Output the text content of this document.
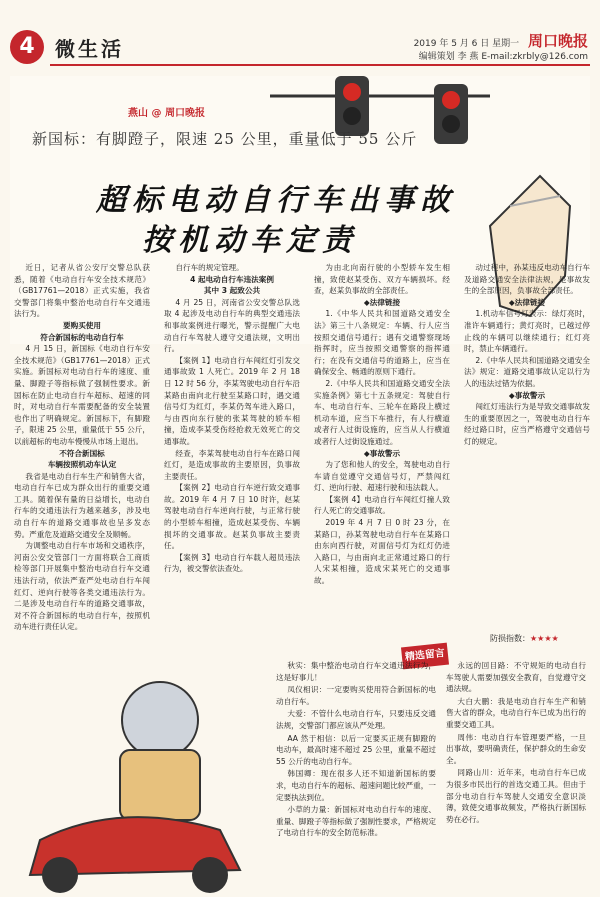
4	微生活	2019 年 5 月 6 日 星期一 周口晚报
编辑策划 李 燕 E-mail:zkrbly@126.com
燕山 @ 周口晚报
新国标：有脚蹬子，限速 25 公里，重量低于 55 公斤
超标电动自行车出事故
按机动车定责

近日，记者从省公安厅交警总队获悉，随着《电动自行车安全技术规范》（GB17761—2018）正式实施，我省交警部门将集中整治电动自行车交通违法行为。

要购买使用

符合新国标的电动自行车

4 月 15 日，新国标《电动自行车安全技术规范》（GB17761—2018）正式实施。新国标对电动自行车的速度、重量、脚蹬子等指标做了强制性要求。新国标在防止电动自行车超标、超速的同时，对电动自行车需要配备的安全装置也作出了明确规定。新国标下，有脚蹬子，限速 25 公里，重量低于 55 公斤，以前超标的电动车慢慢从市场上退出。

不符合新国标

车辆按照机动车认定

我省是电动自行车生产和销售大省，电动自行车已成为群众出行的重要交通工具。随着保有量的日益增长，电动自行车的交通违法行为越来越多，涉及电动自行车的道路交通事故也呈多发态势。严重危及道路交通安全及顺畅。

为调整电动自行车市场和交通秩序，河南公安交管部门一方面将联合工商质检等部门开展集中整治电动自行车交通违法行动，依法严查严处电动自行车闯红灯、逆向行驶等各类交通违法行为。二是涉及电动自行车的道路交通事故，对不符合新国标的电动自行车，按照机动车进行责任认定。

自行车的规定管理。

4 起电动自行车违法案例

其中 3 起致公共

4 月 25 日，河南省公安交警总队选取 4 起涉及电动自行车的典型交通违法和事故案例进行曝光，警示提醒广大电动自行车驾驶人遵守交通法规，文明出行。

【案例 1】电动自行车闯红灯引发交通事故致 1 人死亡。2019 年 2 月 18 日 12 时 56 分，李某驾驶电动自行车沿某路由南向北行驶至某路口时，遇交通信号灯为红灯，李某仍驾车进入路口，与由西向东行驶的张某驾驶的轿车相撞，造成李某受伤经抢救无效死亡的交通事故。

经查，李某驾驶电动自行车在路口闯红灯，是造成事故的主要原因，负事故主要责任。

【案例 2】电动自行车逆行致交通事故。2019 年 4 月 7 日 10 时许，赵某驾驶电动自行车逆向行驶，与正常行驶的小型轿车相撞，造成赵某受伤、车辆损坏的交通事故。赵某负事故主要责任。

【案例 3】电动自行车载人超员违法行为，被交警依法查处。

为由北向南行驶的小型轿车发生相撞，致使赵某受伤、双方车辆损坏。经查，赵某负事故的全部责任。

◆法律链接

1.《中华人民共和国道路交通安全法》第三十八条规定：车辆、行人应当按照交通信号通行；遇有交通警察现场指挥时，应当按照交通警察的指挥通行；在没有交通信号的道路上，应当在确保安全、畅通的原则下通行。

2.《中华人民共和国道路交通安全法实施条例》第七十五条规定：驾驶自行车、电动自行车、三轮车在路段上横过机动车道，应当下车推行，有人行横道或者行人过街设施的，应当从人行横道或者行人过街设施通过。

◆事故警示

为了您和他人的安全，驾驶电动自行车请自觉遵守交通信号灯，严禁闯红灯、逆向行驶、超速行驶和违法载人。

【案例 4】电动自行车闯红灯撞人致行人死亡的交通事故。

2019 年 4 月 7 日 0 时 23 分，在某路口，孙某驾驶电动自行车在某路口由东向西行驶，对面信号灯为红灯仍进入路口，与由南向北正常通过路口的行人宋某相撞，造成宋某死亡的交通事故。

动过程中，孙某违反电动车自行车及道路交通安全法律法规，是事故发生的全部原因，负事故全部责任。

◆法律链接

1.机动车信号灯表示：绿灯亮时，准许车辆通行；黄灯亮时，已越过停止线的车辆可以继续通行；红灯亮时，禁止车辆通行。

2.《中华人民共和国道路交通安全法》规定：道路交通事故认定以行为人的违法过错为依据。

◆事故警示

闯红灯违法行为是导致交通事故发生的重要原因之一，驾驶电动自行车经过路口时，应当严格遵守交通信号灯的规定。

防损指数：★★★★
精选留言

秋实：集中整治电动自行车交通违法行为，这是好事儿！

凤仪相识：一定要购买使用符合新国标的电动自行车。

大爱：不管什么电动自行车，只要违反交通法规，交警部门都应该从严处理。

AA 然于相信：以后一定要买正规有脚蹬的电动车，最高时速不超过 25 公里，重量不超过 55 公斤的电动自行车。

韩国卿：现在很多人还不知道新国标的要求，电动自行车的超标、超速问题比较严重，一定要执法到位。

小草的力量：新国标对电动自行车的速度、重量、脚蹬子等指标做了强制性要求，严格规定了电动自行车的安全防范标准。

永远的回目路：不守规矩的电动自行车驾驶人需要加强安全教育，自觉遵守交通法规。

大白大鹏：我是电动自行车生产和销售大省的群众，电动自行车已成为出行的重要交通工具。

周伟：电动自行车管理要严格，一旦出事故，要明确责任，保护群众的生命安全。

同路山川：近年来，电动自行车已成为很多市民出行的首选交通工具。但由于部分电动自行车驾驶人交通安全意识淡薄，致使交通事故频发，严格执行新国标势在必行。
